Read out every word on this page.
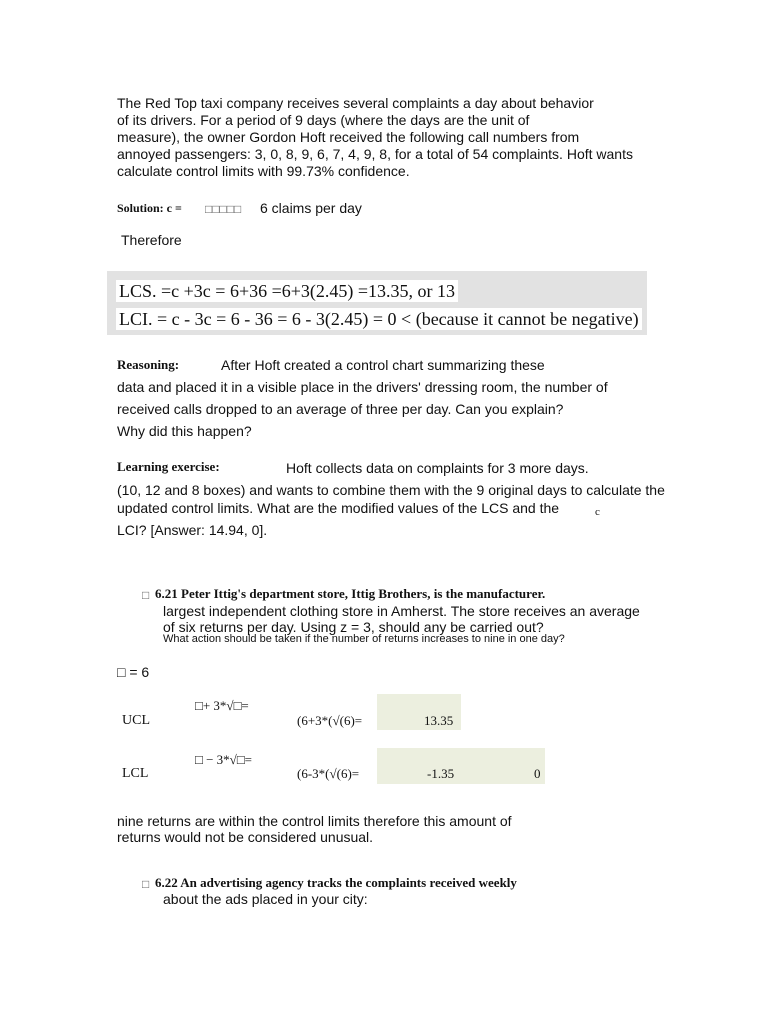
The Red Top taxi company receives several complaints a day about behavior
of its drivers. For a period of 9 days (where the days are the unit of
measure), the owner Gordon Hoft received the following call numbers from
annoyed passengers: 3, 0, 8, 9, 6, 7, 4, 9, 8, for a total of 54 complaints. Hoft wants
calculate control limits with 99.73% confidence.
Solution: c = □□□□□ 6 claims per day
Therefore
LCS. =c +3c = 6+36 =6+3(2.45) =13.35, or 13
LCI. = c - 3c = 6 - 36 = 6 - 3(2.45) = 0 < (because it cannot be negative)
Reasoning:	After Hoft created a control chart summarizing these
data and placed it in a visible place in the drivers' dressing room, the number of
received calls dropped to an average of three per day. Can you explain?
Why did this happen?
Learning exercise:	Hoft collects data on complaints for 3 more days.
(10, 12 and 8 boxes) and wants to combine them with the 9 original days to calculate the
updated control limits. What are the modified values of the LCS and the	c
LCI? [Answer: 14.94, 0].
□ 6.21 Peter Ittig's department store, Ittig Brothers, is the manufacturer.
largest independent clothing store in Amherst. The store receives an average
of six returns per day. Using z = 3, should any be carried out?
What action should be taken if the number of returns increases to nine in one day?
□ = 6
□+ 3*√□=
UCL	(6+3*(√(6)=	13.35
□ − 3*√□=
LCL	(6-3*(√(6)=	-1.35	0
nine returns are within the control limits therefore this amount of
returns would not be considered unusual.
□ 6.22 An advertising agency tracks the complaints received weekly
about the ads placed in your city:
